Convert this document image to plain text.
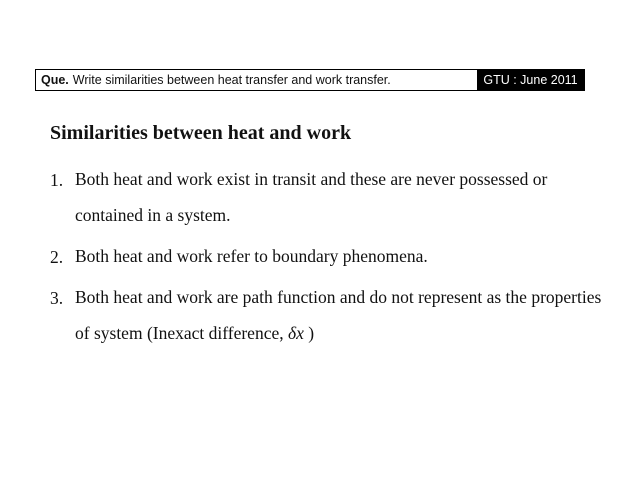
Que. Write similarities between heat transfer and work transfer.	GTU : June 2011
Similarities between heat and work
1. Both heat and work exist in transit and these are never possessed or contained in a system.
2. Both heat and work refer to boundary phenomena.
3. Both heat and work are path function and do not represent as the properties of system (Inexact difference, δx )
